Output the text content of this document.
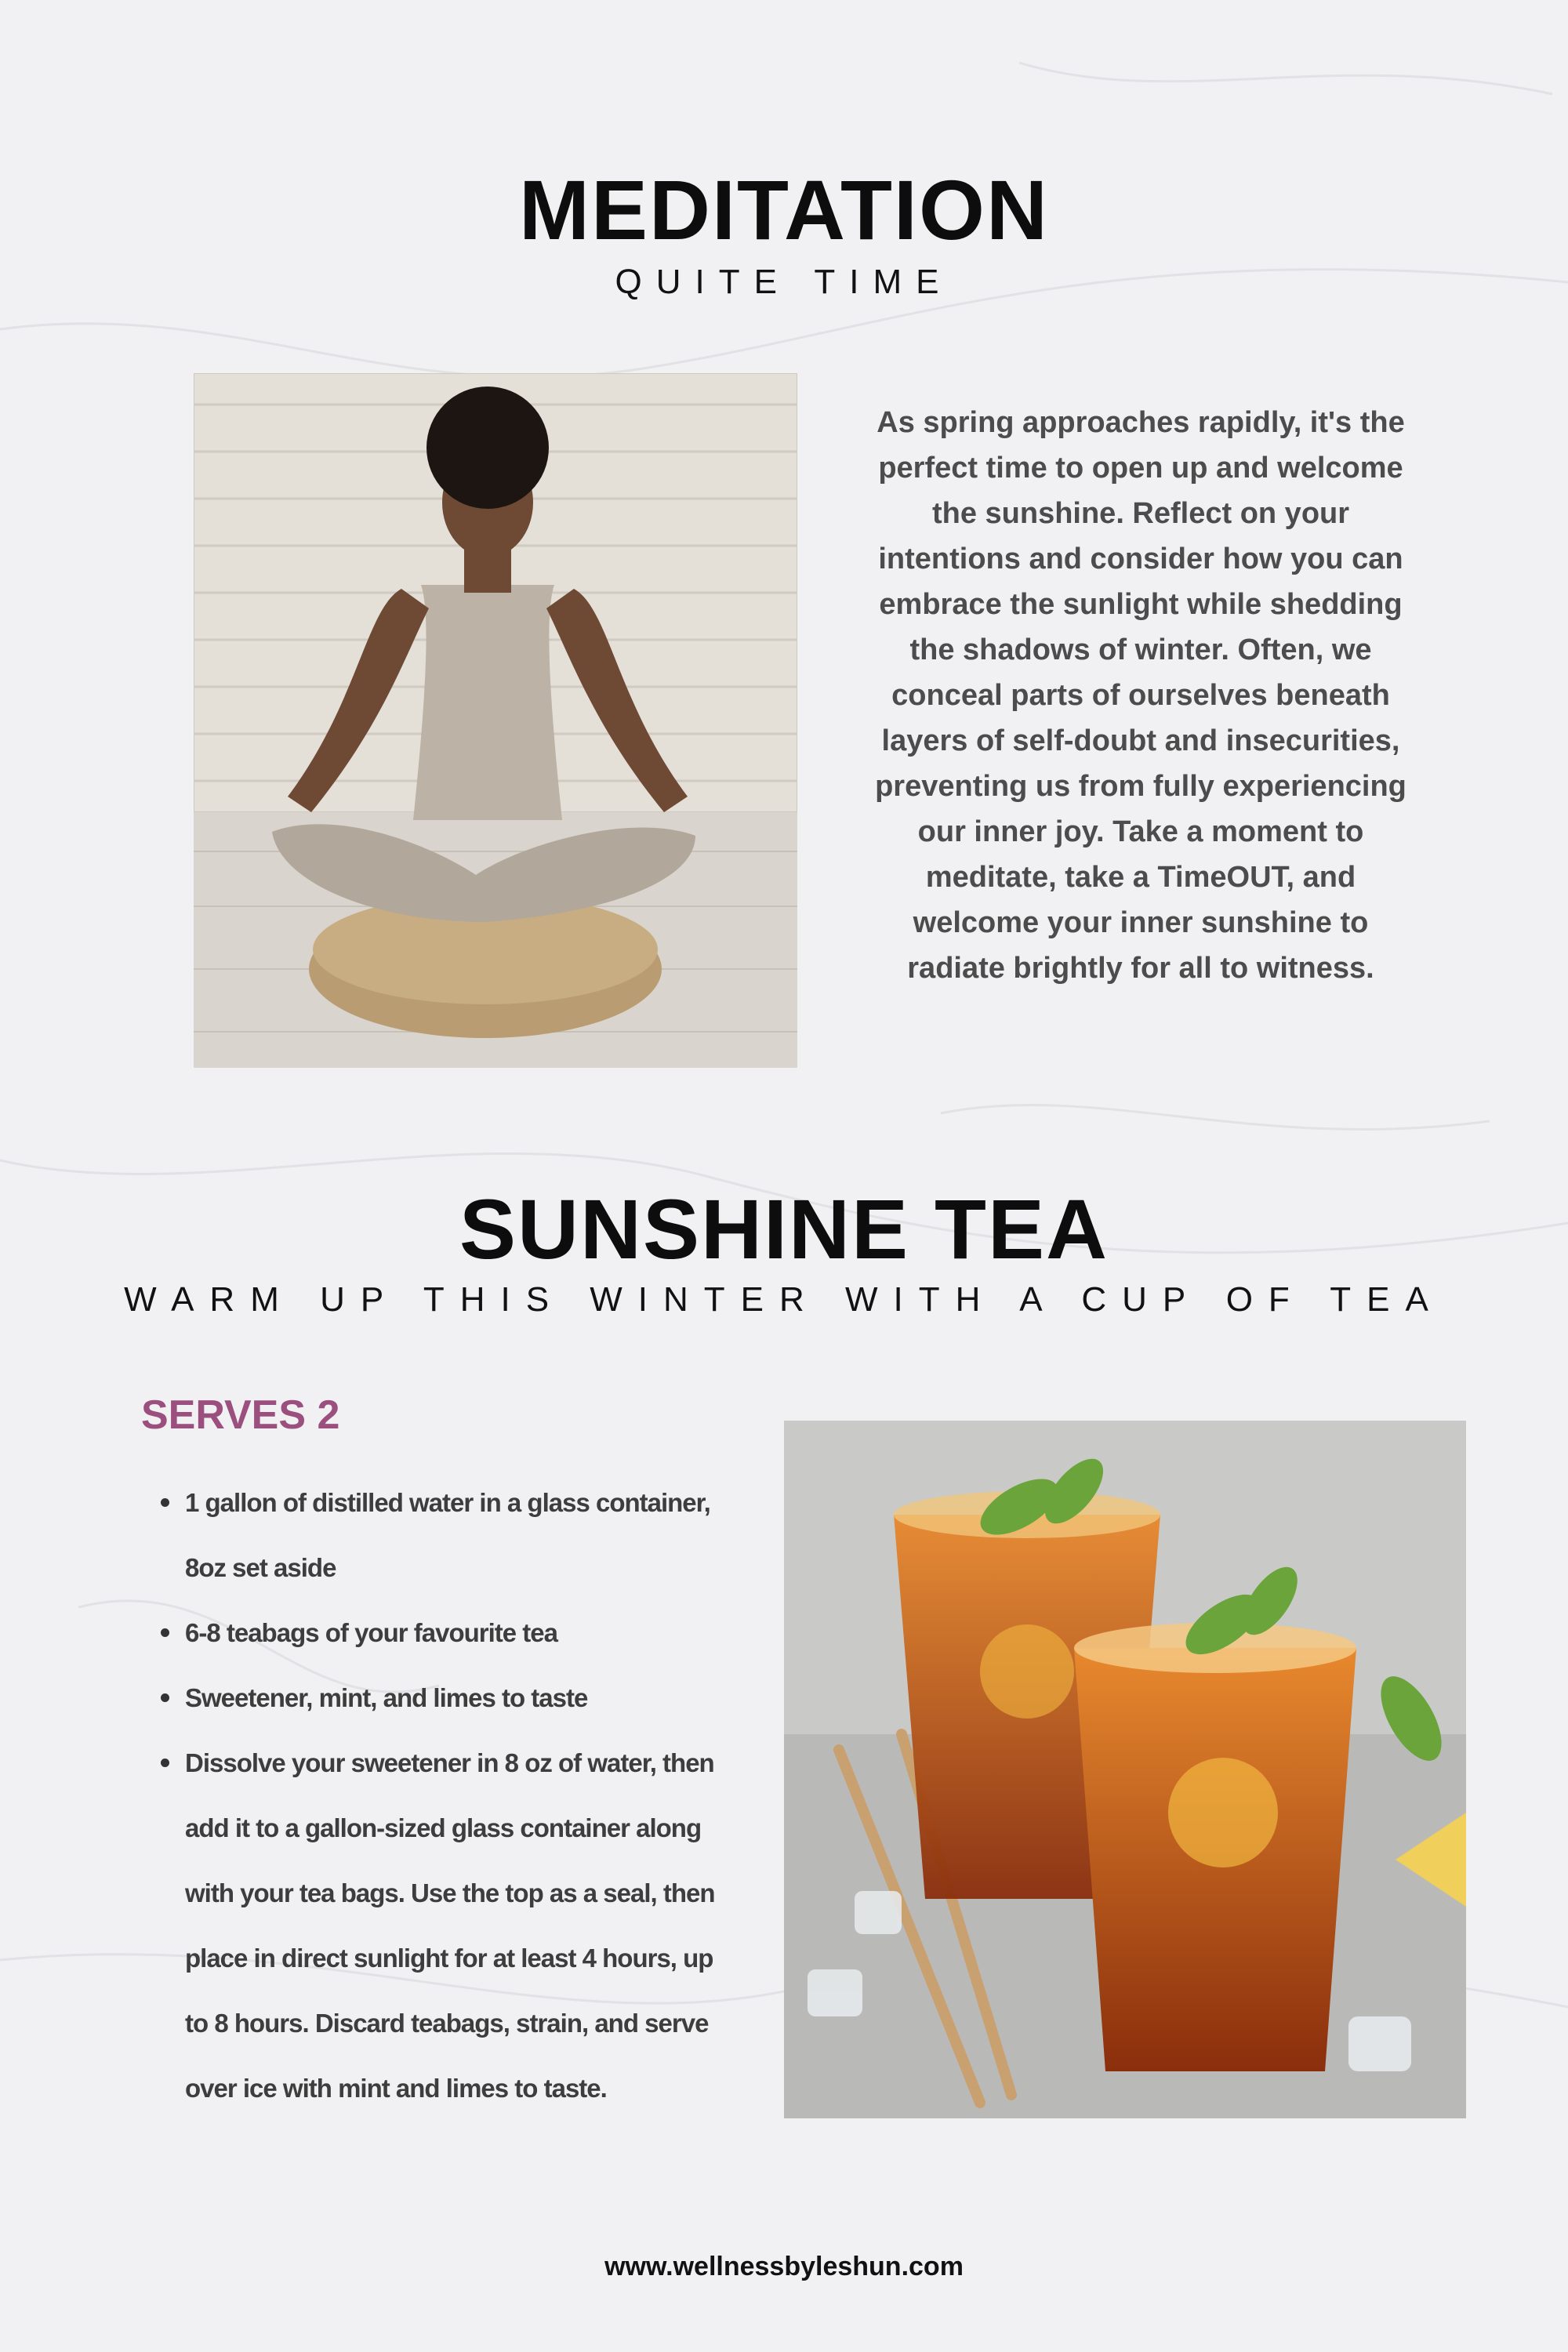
MEDITATION
QUITE TIME
As spring approaches rapidly, it's the perfect time to open up and welcome the sunshine. Reflect on your intentions and consider how you can embrace the sunlight while shedding the shadows of winter. Often, we conceal parts of ourselves beneath layers of self-doubt and insecurities, preventing us from fully experiencing our inner joy. Take a moment to meditate, take a TimeOUT, and welcome your inner sunshine to radiate brightly for all to witness.
SUNSHINE TEA
WARM UP THIS WINTER WITH A CUP OF TEA
SERVES 2
1 gallon of distilled water in a glass container, 8oz set aside
6-8 teabags of your favourite tea
Sweetener, mint, and limes to taste
Dissolve your sweetener in 8 oz of water, then add it to a gallon-sized glass container along with your tea bags. Use the top as a seal, then place in direct sunlight for at least 4 hours, up to 8 hours. Discard teabags, strain, and serve over ice with mint and limes to taste.
www.wellnessbyleshun.com
